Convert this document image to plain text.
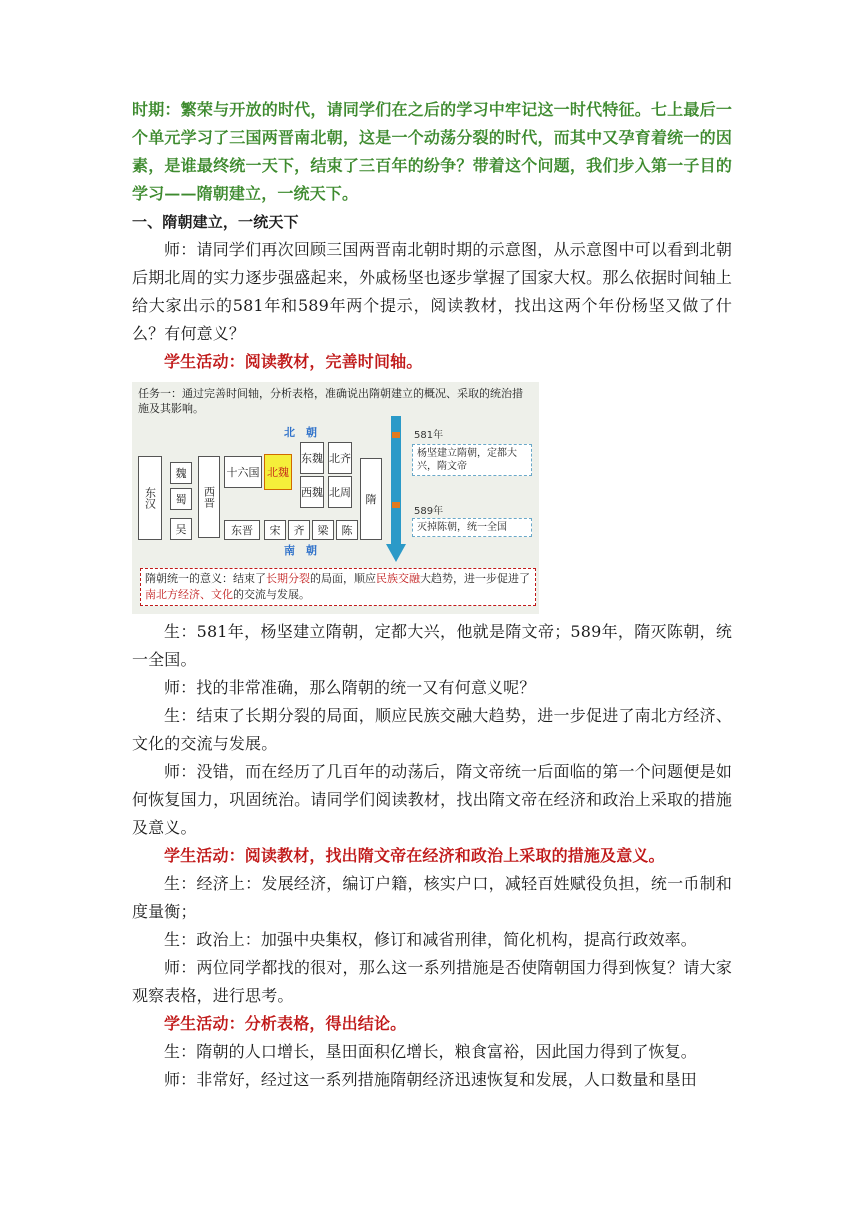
时期：繁荣与开放的时代，请同学们在之后的学习中牢记这一时代特征。七上最后一个单元学习了三国两晋南北朝，这是一个动荡分裂的时代，而其中又孕育着统一的因素，是谁最终统一天下，结束了三百年的纷争？带着这个问题，我们步入第一子目的学习——隋朝建立，一统天下。

一、隋朝建立，一统天下

师：请同学们再次回顾三国两晋南北朝时期的示意图，从示意图中可以看到北朝后期北周的实力逐步强盛起来，外戚杨坚也逐步掌握了国家大权。那么依据时间轴上给大家出示的581年和589年两个提示，阅读教材，找出这两个年份杨坚又做了什么？有何意义？

学生活动：阅读教材，完善时间轴。

任务一：通过完善时间轴，分析表格，准确说出隋朝建立的概况、采取的统治措施及其影响。
北　朝
南　朝
东汉
魏
蜀
吴
西晋
十六国 北魏
东魏 北齐
西魏 北周
隋
东晋	宋	齐	梁	陈
581年
杨坚建立隋朝，定都大兴，隋文帝
589年
灭掉陈朝，统一全国
隋朝统一的意义：结束了长期分裂的局面，顺应民族交融大趋势，进一步促进了南北方经济、文化的交流与发展。

生：581年，杨坚建立隋朝，定都大兴，他就是隋文帝；589年，隋灭陈朝，统一全国。

师：找的非常准确，那么隋朝的统一又有何意义呢？

生：结束了长期分裂的局面，顺应民族交融大趋势，进一步促进了南北方经济、文化的交流与发展。

师：没错，而在经历了几百年的动荡后，隋文帝统一后面临的第一个问题便是如何恢复国力，巩固统治。请同学们阅读教材，找出隋文帝在经济和政治上采取的措施及意义。

学生活动：阅读教材，找出隋文帝在经济和政治上采取的措施及意义。

生：经济上：发展经济，编订户籍，核实户口，减轻百姓赋役负担，统一币制和度量衡；

生：政治上：加强中央集权，修订和减省刑律，简化机构，提高行政效率。

师：两位同学都找的很对，那么这一系列措施是否使隋朝国力得到恢复？请大家观察表格，进行思考。

学生活动：分析表格，得出结论。

生：隋朝的人口增长，垦田面积亿增长，粮食富裕，因此国力得到了恢复。

师：非常好，经过这一系列措施隋朝经济迅速恢复和发展，人口数量和垦田
